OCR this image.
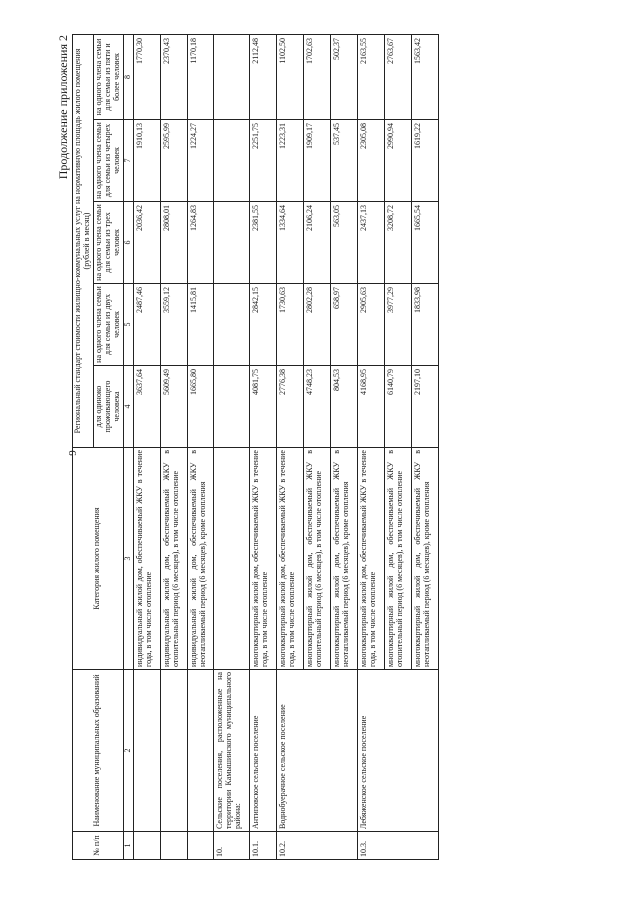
9
Продолжение приложения 2
№ п/п	Наименование муниципальных образований	Категория жилого помещения	Региональный стандарт стоимости жилищно-коммунальных услуг на нормативную площадь жилого помещения (рублей в месяц)				
			для одиноко проживающего человека	на одного члена семьи для семьи из двух человек	на одного члена семьи для семьи из трех человек	на одного члена семьи для семьи из четырех человек	на одного члена семьи для семьи из пяти и более человек
1	2	3	4	5	6	7	8
		индивидуальный жилой дом, обеспечиваемый ЖКУ в течение года, в том числе отопление	3637,64	2487,46	2036,42	1910,13	1770,30
		индивидуальный жилой дом, обеспечиваемый ЖКУ в отопительный период (6 месяцев), в том числе отопление	5609,49	3559,12	2808,01	2595,99	2370,43
		индивидуальный жилой дом, обеспечиваемый ЖКУ в неотапливаемый период (6 месяцев), кроме отопления	1665,80	1415,81	1264,83	1224,27	1170,18
10.	Сельские поселения, расположенные на территории Камышинского муниципального района:						
10.1.	Антиповское сельское поселение	многоквартирный жилой дом, обеспечиваемый ЖКУ в течение года, в том числе отопление	4081,75	2842,15	2381,55	2251,75	2112,48
10.2.	Воднобуерачное сельское поселение	многоквартирный жилой дом, обеспечиваемый ЖКУ в течение года, в том числе отопление	2776,38	1730,63	1334,64	1223,31	1102,50
		многоквартирный жилой дом, обеспечиваемый ЖКУ в отопительный период (6 месяцев), в том числе отопление	4748,23	2802,28	2106,24	1909,17	1702,63
		многоквартирный жилой дом, обеспечиваемый ЖКУ в неотапливаемый период (6 месяцев), кроме отопления	804,53	658,97	563,05	537,45	502,37
10.3.	Лебяженское сельское поселение	многоквартирный жилой дом, обеспечиваемый ЖКУ в течение года, в том числе отопление	4168,95	2905,63	2437,13	2305,08	2163,55
		многоквартирный жилой дом, обеспечиваемый ЖКУ в отопительный период (6 месяцев), в том числе отопление	6140,79	3977,29	3208,72	2990,94	2763,67
		многоквартирный жилой дом, обеспечиваемый ЖКУ в неотапливаемый период (6 месяцев), кроме отопления	2197,10	1833,98	1665,54	1619,22	1563,42
